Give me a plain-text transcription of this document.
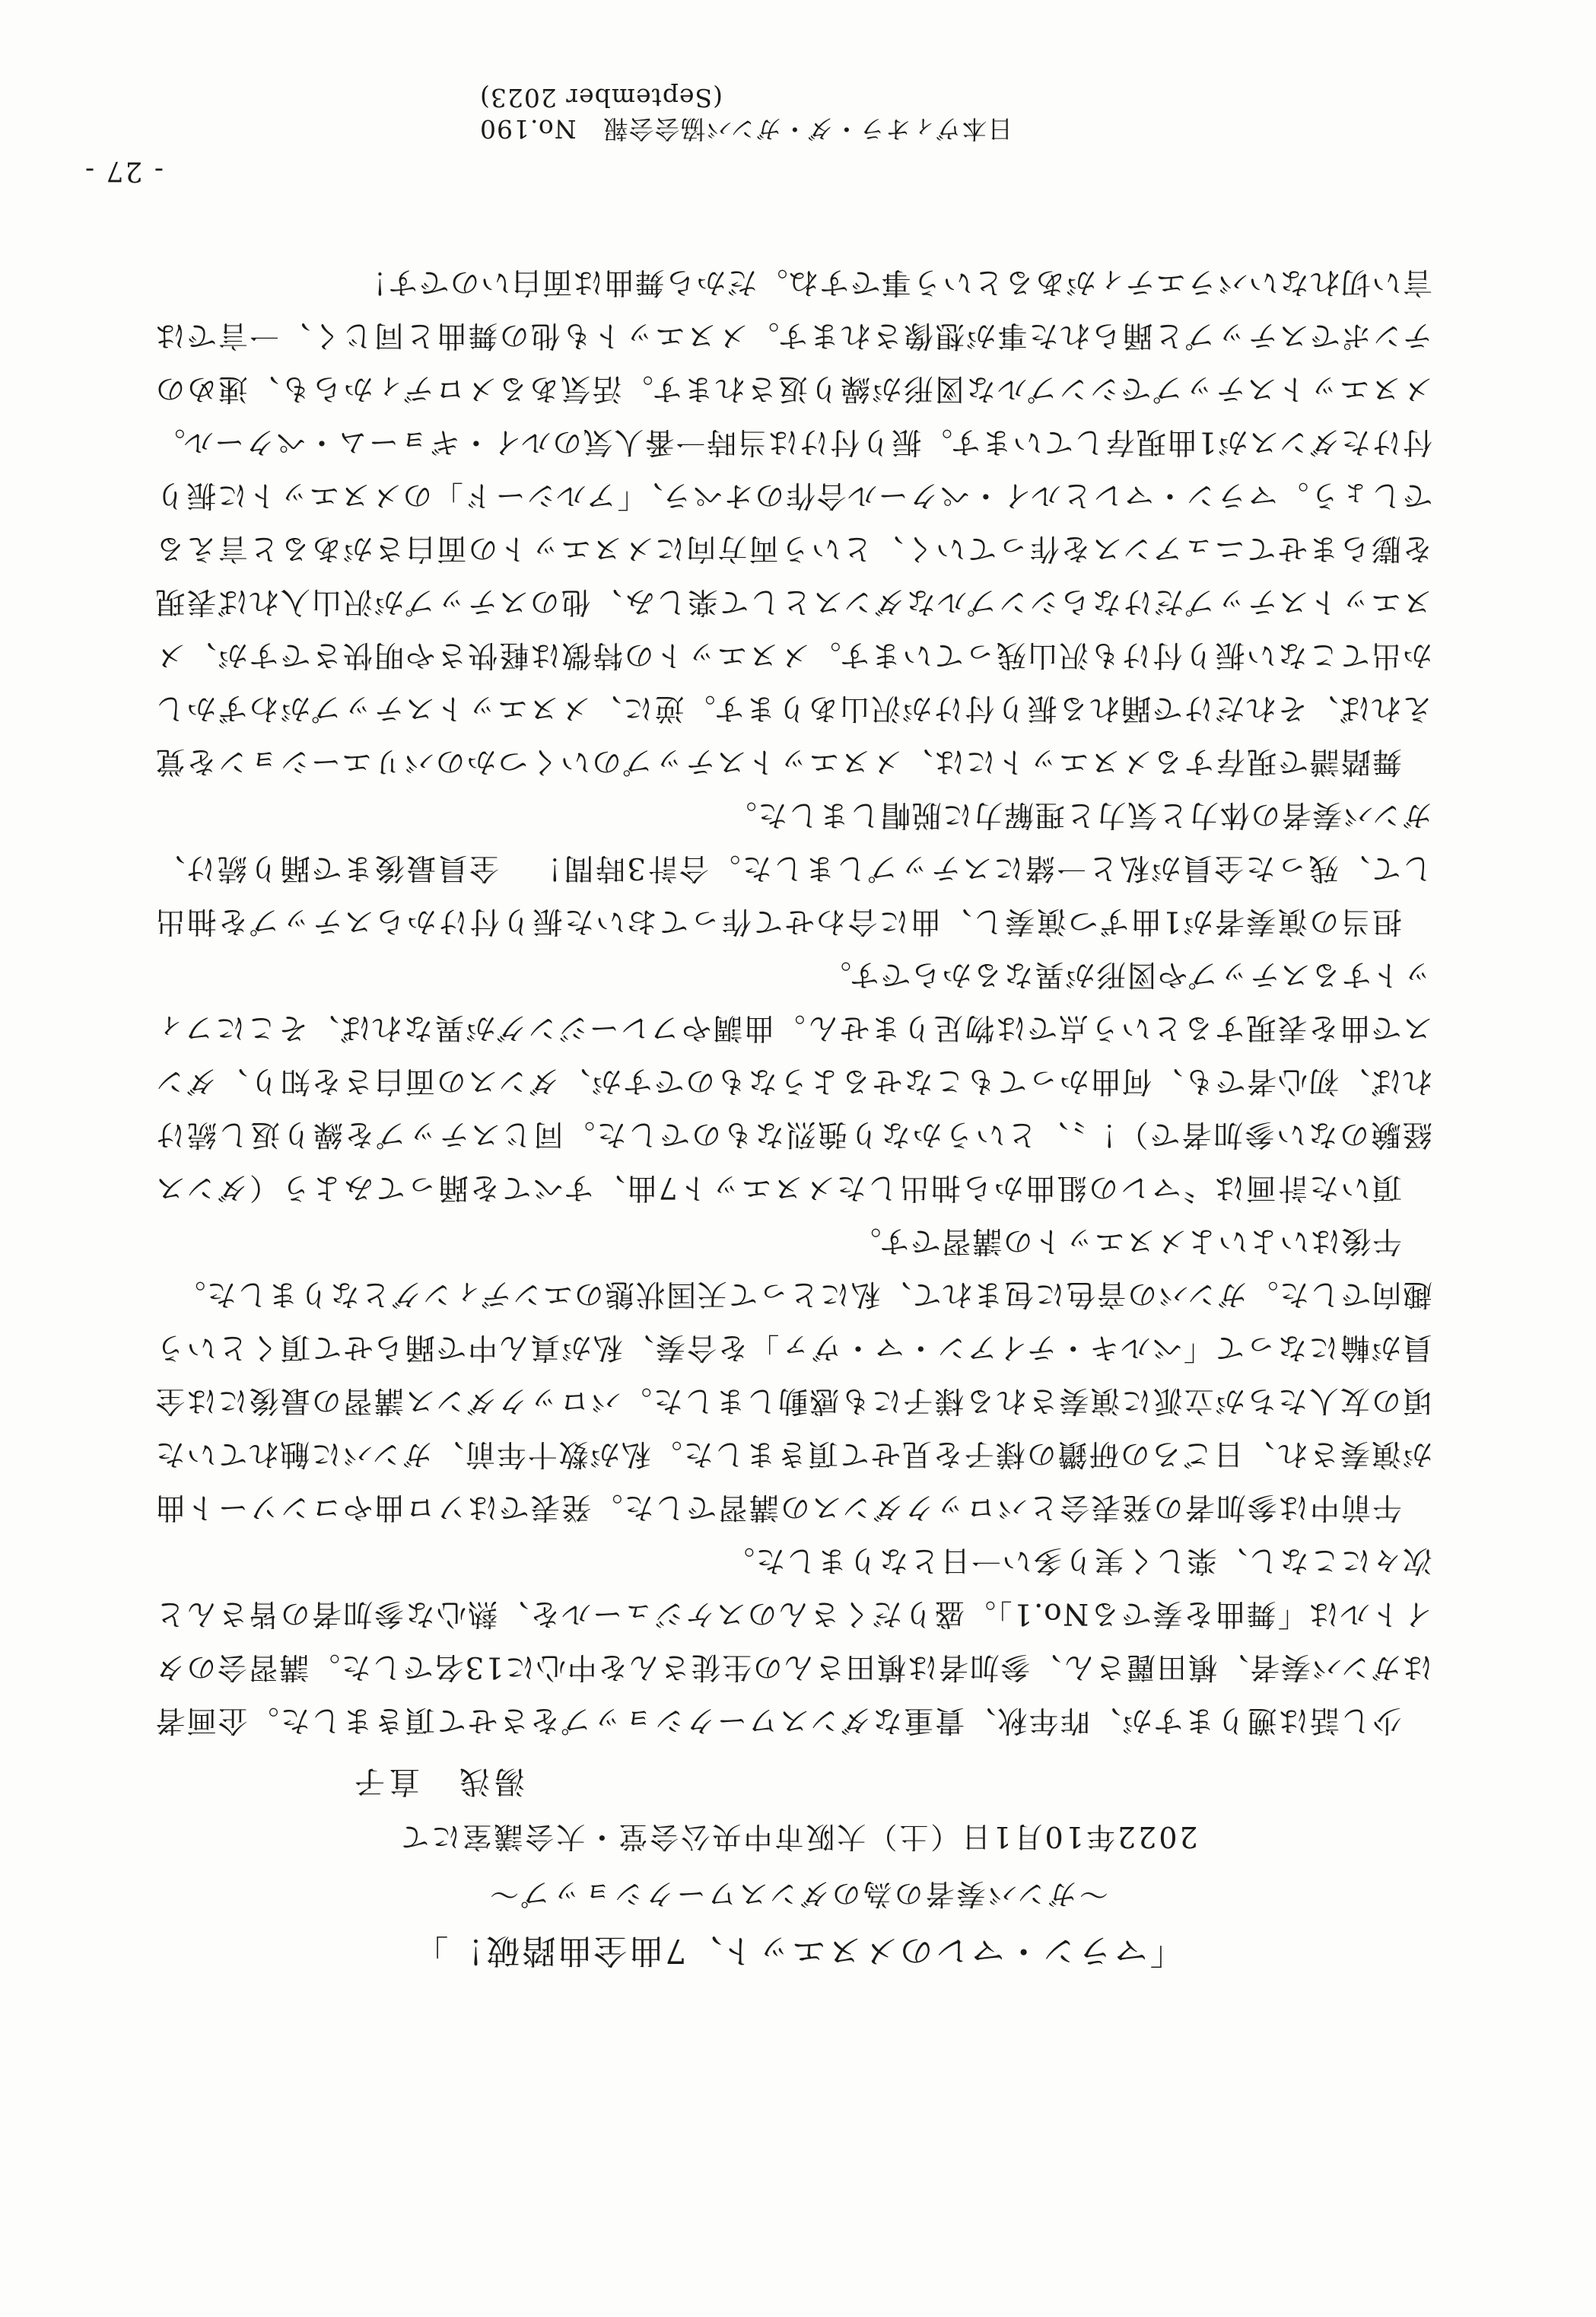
「マラン・マレのメヌエット、7曲全曲踏破！」
～ガンバ奏者の為のダンスワークショップ～
2022年10月1日（土）大阪市中央公会堂・大会議室にて
湯浅　直子

少し話は遡りますが、昨年秋、貴重なダンスワークショップをさせて頂きました。企画者はガンバ奏者、槙田麗さん、参加者は槙田さんの生徒さんを中心に13名でした。講習会のタイトルは「舞曲を奏でるNo.1」。盛りだくさんのスケジュールを、熱心な参加者の皆さんと次々にこなし、楽しく実り多い一日となりました。

午前中は参加者の発表会とバロックダンスの講習でした。発表ではソロ曲やコンソート曲が演奏され、日ごろの研鑽の様子を見せて頂きました。私が数十年前、ガンバに触れていた頃の友人たちが立派に演奏される様子にも感動しました。バロックダンス講習の最後には全員が輪になって「ベルキ・テイアン・マ・ヴァ」を合奏、私が真ん中で踊らせて頂くという趣向でした。ガンバの音色に包まれて、私にとって天国状態のエンディングとなりました。

午後はいよいよメヌエットの講習です。

頂いた計画は〝マレの組曲から抽出したメヌエット7曲、すべてを踊ってみよう（ダンス経験のない参加者で）！〟、というかなり強烈なものでした。同じステップを繰り返し続ければ、初心者でも、何曲かってもこなせるようなものですが、ダンスの面白さを知り、ダンスで曲を表現するという点では物足りません。曲調やフレージングが異なれば、そこにフィットするステップや図形が異なるからです。

担当の演奏者が1曲ずつ演奏し、曲に合わせて作っておいた振り付けからステップを抽出して、残った全員が私と一緒にステップしました。合計3時間！　全員最後まで踊り続け、ガンバ奏者の体力と気力と理解力に脱帽しました。

舞踏譜で現存するメヌエットには、メヌエットステップのいくつかのバリエーションを覚えれば、それだけで踊れる振り付けが沢山あります。逆に、メヌエットステップがわずかしか出てこない振り付けも沢山残っています。メヌエットの特徴は軽快さや明快さですが、メヌエットステップだけならシンプルなダンスとして楽しみ、他のステップが沢山入れば表現を膨らませてニュアンスを作っていく、という両方向にメヌエットの面白さがあると言えるでしょう。マラン・マレとルイ・ペクール合作のオペラ、「アルシード」のメヌエットに振り付けたダンスが1曲現存しています。振り付けは当時一番人気のルイ・ギョーム・ペクール。メヌエットステップでシンプルな図形が繰り返されます。活気あるメロディからも、速めのテンポでステップと踊られた事が想像されます。メヌエットも他の舞曲と同じく、一言では言い切れないバラエティがあるという事ですね。だから舞曲は面白いのです！

- 27 -
日本ヴィオラ・ダ・ガンバ協会会報　No.190 (September 2023)
